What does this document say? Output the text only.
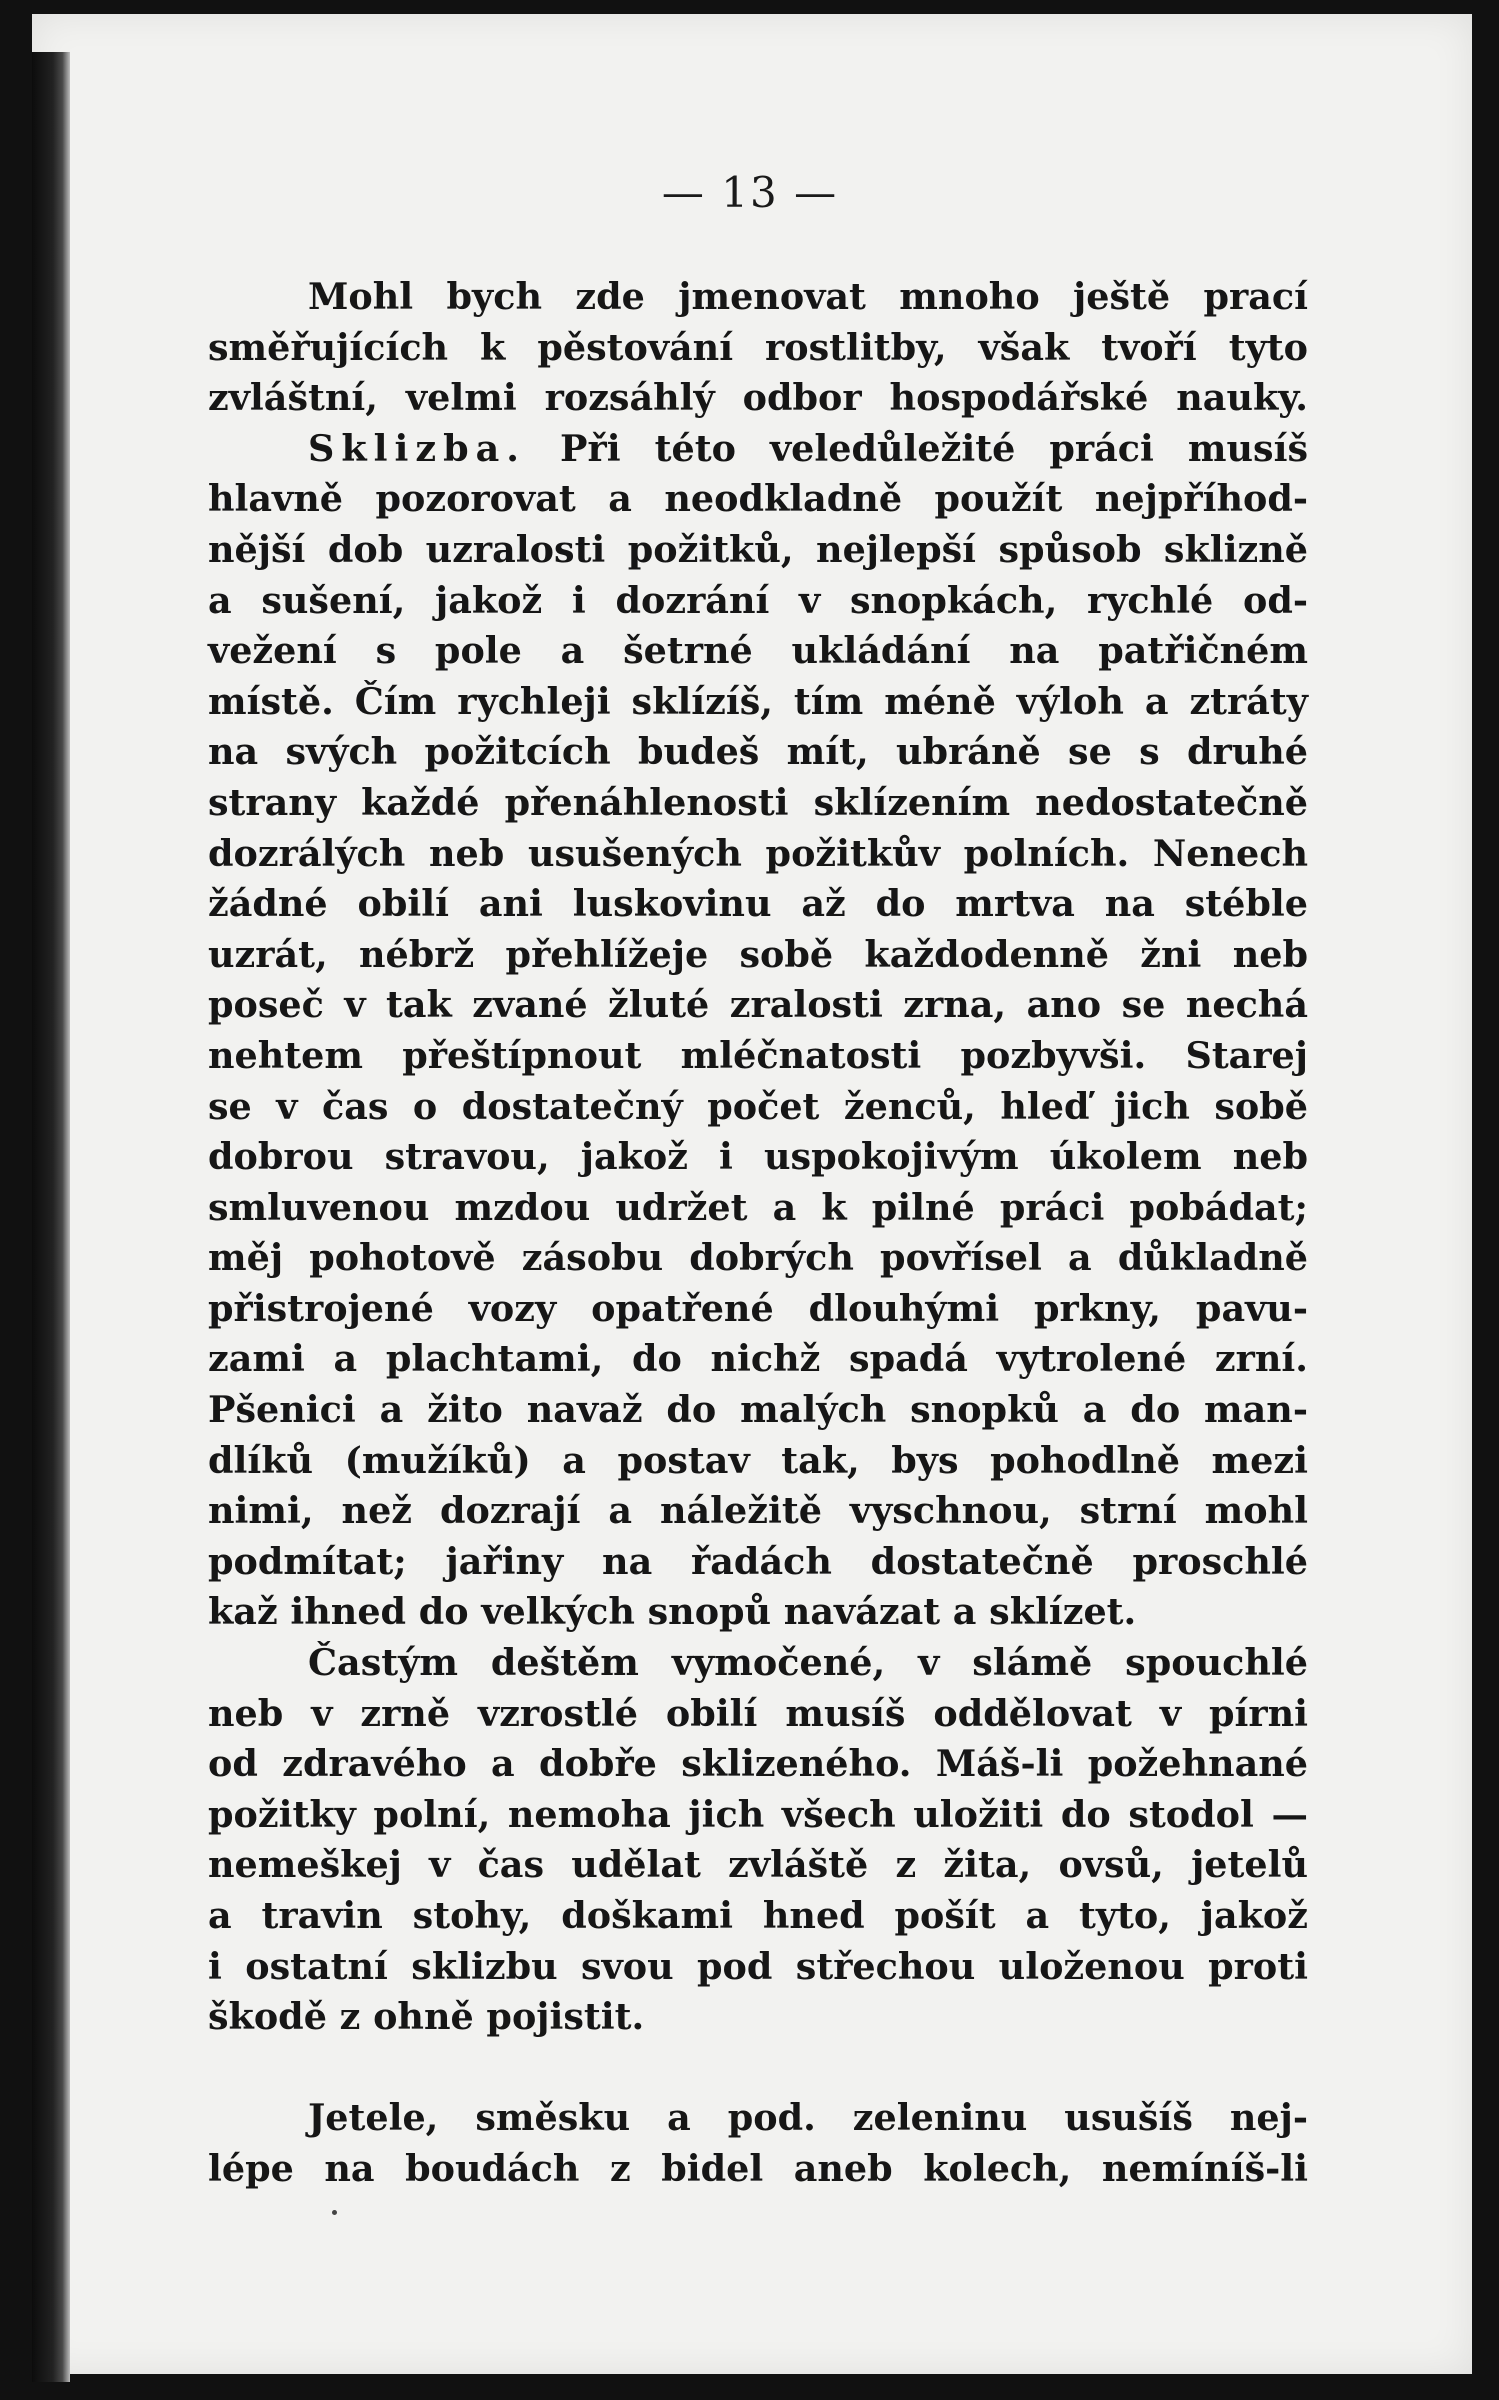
— 13 —
Mohl bych zde jmenovat mnoho ještě prací
směřujících k pěstování rostlitby, však tvoří tyto
zvláštní, velmi rozsáhlý odbor hospodářské nauky.
Sklizba. Při této veledůležité práci musíš
hlavně pozorovat a neodkladně použít nejpříhod-
nější dob uzralosti požitků, nejlepší spůsob sklizně
a sušení, jakož i dozrání v snopkách, rychlé od-
vežení s pole a šetrné ukládání na patřičném
místě. Čím rychleji sklízíš, tím méně výloh a ztráty
na svých požitcích budeš mít, ubráně se s druhé
strany každé přenáhlenosti sklízením nedostatečně
dozrálých neb usušených požitkův polních. Nenech
žádné obilí ani luskovinu až do mrtva na stéble
uzrát, nébrž přehlížeje sobě každodenně žni neb
poseč v tak zvané žluté zralosti zrna, ano se nechá
nehtem přeštípnout mléčnatosti pozbyvši. Starej
se v čas o dostatečný počet ženců, hleď jich sobě
dobrou stravou, jakož i uspokojivým úkolem neb
smluvenou mzdou udržet a k pilné práci pobádat;
měj pohotově zásobu dobrých povřísel a důkladně
přistrojené vozy opatřené dlouhými prkny, pavu-
zami a plachtami, do nichž spadá vytrolené zrní.
Pšenici a žito navaž do malých snopků a do man-
dlíků (mužíků) a postav tak, bys pohodlně mezi
nimi, než dozrají a náležitě vyschnou, strní mohl
podmítat; jařiny na řadách dostatečně proschlé
kaž ihned do velkých snopů navázat a sklízet.
Častým deštěm vymočené, v slámě spouchlé
neb v zrně vzrostlé obilí musíš oddělovat v pírni
od zdravého a dobře sklizeného. Máš-li požehnané
požitky polní, nemoha jich všech uložiti do stodol —
nemeškej v čas udělat zvláště z žita, ovsů, jetelů
a travin stohy, doškami hned pošít a tyto, jakož
i ostatní sklizbu svou pod střechou uloženou proti
škodě z ohně pojistit.
Jetele, směsku a pod. zeleninu usušíš nej-
lépe na boudách z bidel aneb kolech, nemíníš-li
